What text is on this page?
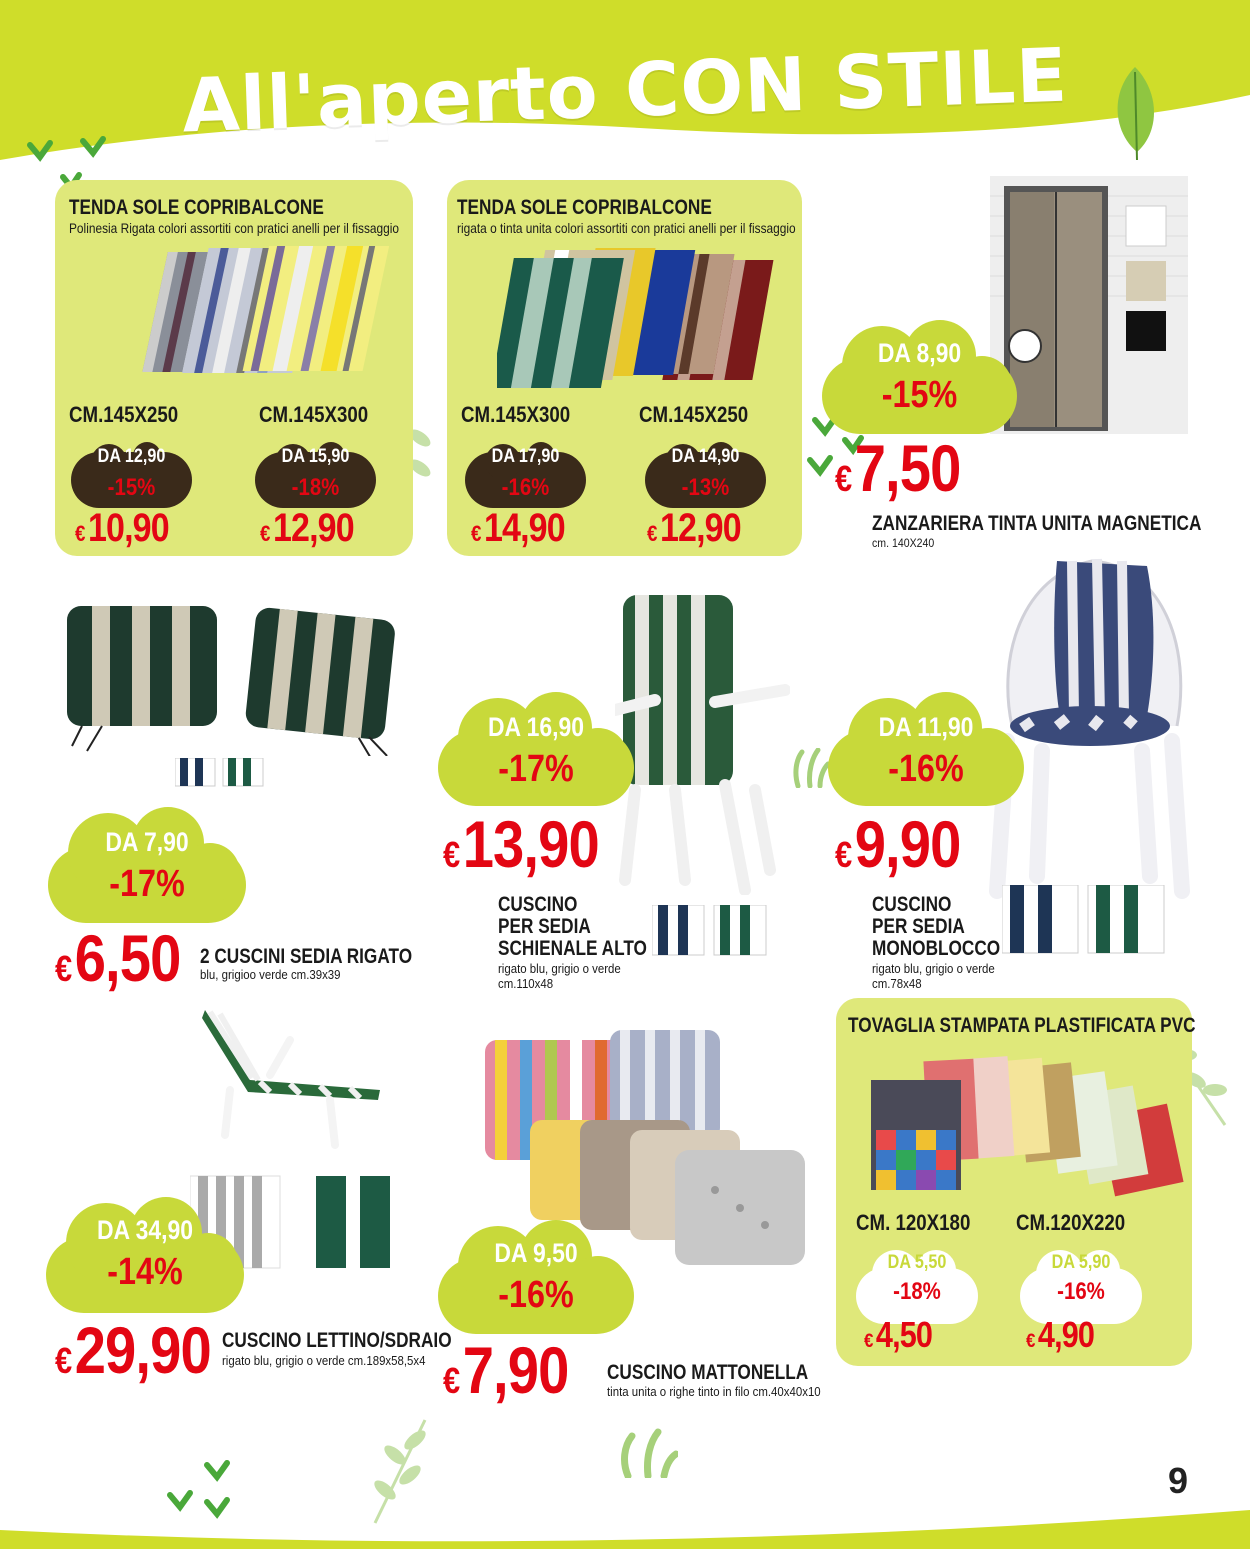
All'aperto CON STILE
9
TENDA SOLE COPRIBALCONE
Polinesia Rigata colori assortiti con pratici anelli per il fissaggio
CM.145X250	CM.145X300
DA 12,90
-15%
DA 15,90
-18%
€10,90	€12,90
TENDA SOLE COPRIBALCONE
rigata o tinta unita colori assortiti con pratici anelli per il fissaggio
CM.145X300	CM.145X250
DA 17,90
-16%
DA 14,90
-13%
€14,90	€12,90
DA 8,90
-15%
€7,50
ZANZARIERA TINTA UNITA MAGNETICA
cm. 140X240
DA 7,90
-17%
€6,50 2 CUSCINI SEDIA RIGATO
blu, grigioo verde cm.39x39
DA 16,90
-17%
€13,90
CUSCINO
PER SEDIA
SCHIENALE ALTO
rigato blu, grigio o verde
cm.110x48
DA 11,90
-16%
€9,90
CUSCINO
PER SEDIA
MONOBLOCCO
rigato blu, grigio o verde
cm.78x48
DA 34,90
-14%
€29,90 CUSCINO LETTINO/SDRAIO
rigato blu, grigio o verde cm.189x58,5x4
DA 9,50
-16%
€7,90 CUSCINO MATTONELLA
tinta unita o righe tinto in filo cm.40x40x10
TOVAGLIA STAMPATA PLASTIFICATA PVC
CM. 120X180 CM.120X220
DA 5,50
-18%
DA 5,90
-16%
€4,50	€4,90
